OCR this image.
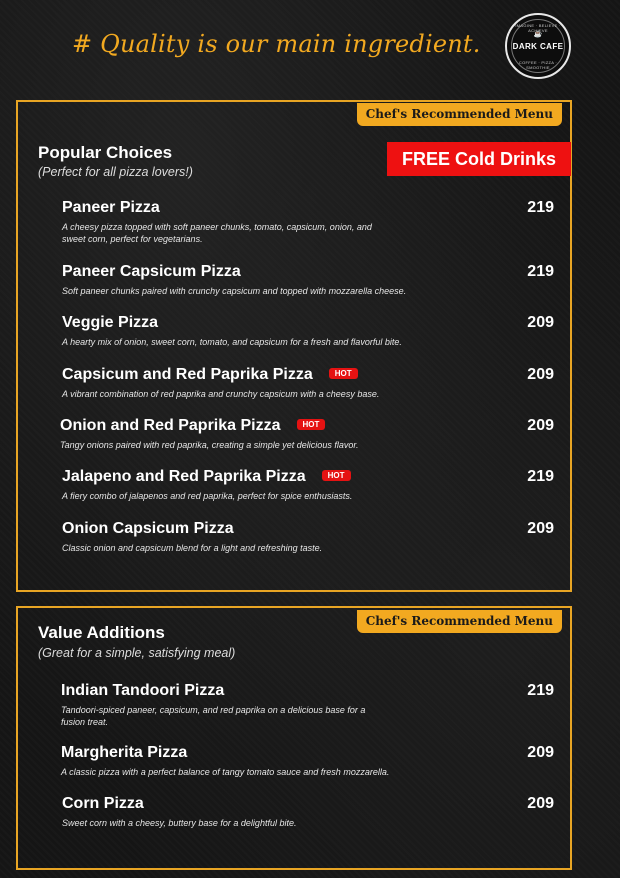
# Quality is our main ingredient.
IMAGINE · BELIEVE · ACHIEVE
☕
DARK CAFE
COFFEE · PIZZA · SMOOTHIE
Chef's Recommended Menu
FREE Cold Drinks
Popular Choices
(Perfect for all pizza lovers!)
Paneer Pizza	219
A cheesy pizza topped with soft paneer chunks, tomato, capsicum, onion, and sweet corn, perfect for vegetarians.
Paneer Capsicum Pizza	219
Soft paneer chunks paired with crunchy capsicum and topped with mozzarella cheese.
Veggie Pizza	209
A hearty mix of onion, sweet corn, tomato, and capsicum for a fresh and flavorful bite.
Capsicum and Red Paprika Pizza	HOT	209
A vibrant combination of red paprika and crunchy capsicum with a cheesy base.
Onion and Red Paprika Pizza	HOT	209
Tangy onions paired with red paprika, creating a simple yet delicious flavor.
Jalapeno and Red Paprika Pizza	HOT	219
A fiery combo of jalapenos and red paprika, perfect for spice enthusiasts.
Onion Capsicum Pizza	209
Classic onion and capsicum blend for a light and refreshing taste.
Chef's Recommended Menu
Value Additions
(Great for a simple, satisfying meal)
Indian Tandoori Pizza	219
Tandoori-spiced paneer, capsicum, and red paprika on a delicious base for a fusion treat.
Margherita Pizza	209
A classic pizza with a perfect balance of tangy tomato sauce and fresh mozzarella.
Corn Pizza	209
Sweet corn with a cheesy, buttery base for a delightful bite.
